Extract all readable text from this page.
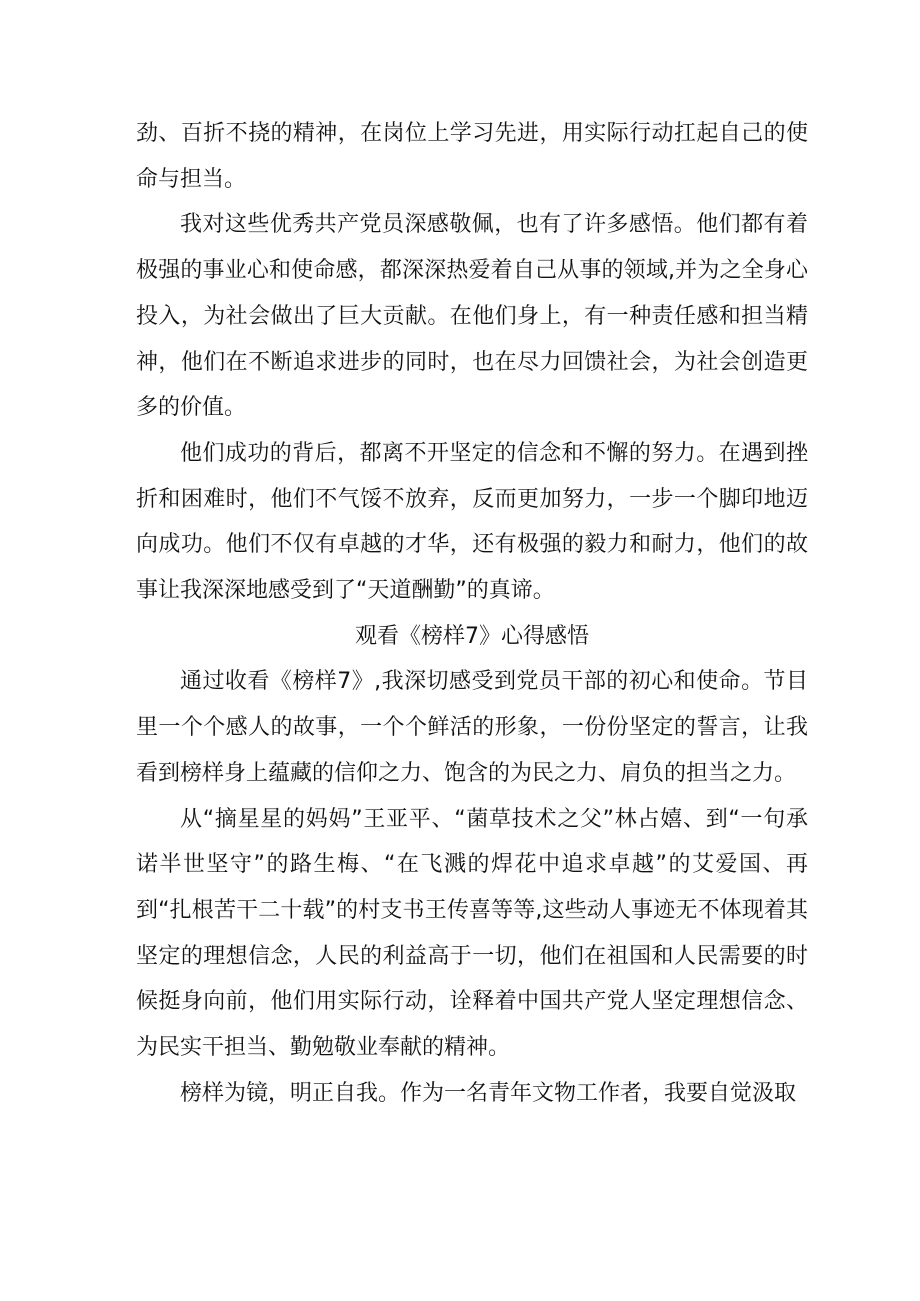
劲、百折不挠的精神，在岗位上学习先进，用实际行动扛起自己的使命与担当。

我对这些优秀共产党员深感敬佩，也有了许多感悟。他们都有着极强的事业心和使命感，都深深热爱着自己从事的领域,并为之全身心投入，为社会做出了巨大贡献。在他们身上，有一种责任感和担当精神，他们在不断追求进步的同时，也在尽力回馈社会，为社会创造更多的价值。

他们成功的背后，都离不开坚定的信念和不懈的努力。在遇到挫折和困难时，他们不气馁不放弃，反而更加努力，一步一个脚印地迈向成功。他们不仅有卓越的才华，还有极强的毅力和耐力，他们的故事让我深深地感受到了“天道酬勤”的真谛。

观看《榜样7》心得感悟

通过收看《榜样7》,我深切感受到党员干部的初心和使命。节目里一个个感人的故事，一个个鲜活的形象，一份份坚定的誓言，让我看到榜样身上蕴藏的信仰之力、饱含的为民之力、肩负的担当之力。

从“摘星星的妈妈”王亚平、“菌草技术之父”林占嬉、到“一句承诺半世坚守”的路生梅、“在飞溅的焊花中追求卓越”的艾爱国、再到“扎根苦干二十载”的村支书王传喜等等,这些动人事迹无不体现着其坚定的理想信念，人民的利益高于一切，他们在祖国和人民需要的时候挺身向前，他们用实际行动，诠释着中国共产党人坚定理想信念、为民实干担当、勤勉敬业奉献的精神。

榜样为镜，明正自我。作为一名青年文物工作者，我要自觉汲取
